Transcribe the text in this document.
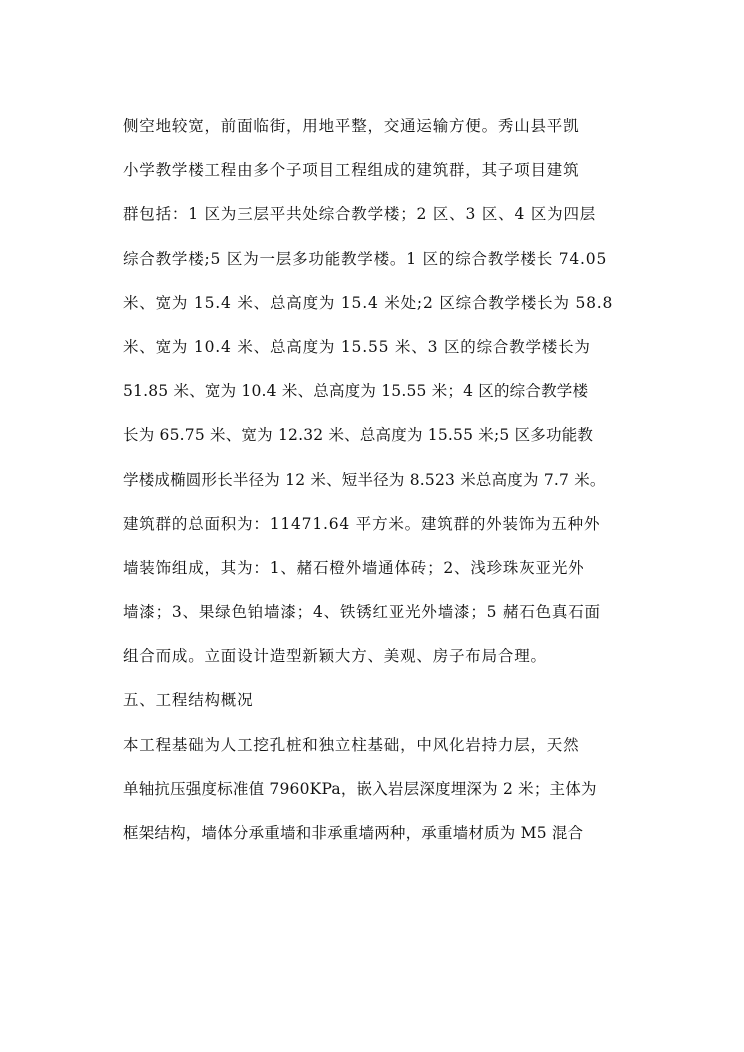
侧空地较宽，前面临街，用地平整，交通运输方便。秀山县平凯
小学教学楼工程由多个子项目工程组成的建筑群，其子项目建筑
群包括：1 区为三层平共处综合教学楼；2 区、3 区、4 区为四层
综合教学楼;5 区为一层多功能教学楼。1 区的综合教学楼长 74.05
米、宽为 15.4 米、总高度为 15.4 米处;2 区综合教学楼长为 58.8
米、宽为 10.4 米、总高度为 15.55 米、3 区的综合教学楼长为
51.85 米、宽为 10.4 米、总高度为 15.55 米；4 区的综合教学楼
长为 65.75 米、宽为 12.32 米、总高度为 15.55 米;5 区多功能教
学楼成椭圆形长半径为 12 米、短半径为 8.523 米总高度为 7.7 米。
建筑群的总面积为：11471.64 平方米。建筑群的外装饰为五种外
墙装饰组成，其为：1、赭石橙外墙通体砖；2、浅珍珠灰亚光外
墙漆；3、果绿色铂墙漆；4、铁锈红亚光外墙漆；5 赭石色真石面
组合而成。立面设计造型新颖大方、美观、房子布局合理。
五、工程结构概况
本工程基础为人工挖孔桩和独立柱基础，中风化岩持力层，天然
单轴抗压强度标准值 7960KPa，嵌入岩层深度埋深为 2 米；主体为
框架结构，墙体分承重墙和非承重墙两种，承重墙材质为 M5 混合
